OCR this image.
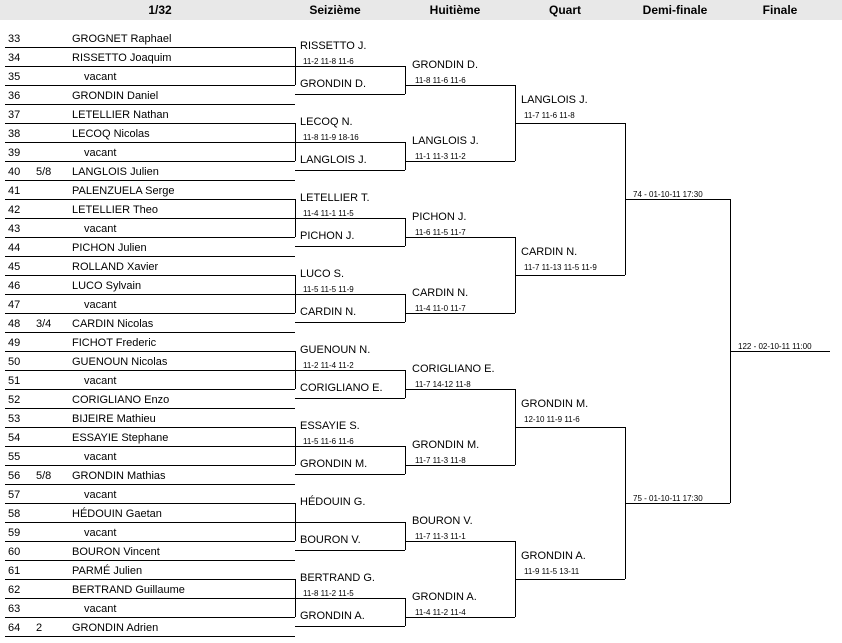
1/32	Seizième	Huitième	Quart	Demi-finale	Finale
33	GROGNET Raphael
34	RISSETTO Joaquim
35	vacant
36	GRONDIN Daniel
37	LETELLIER Nathan
38	LECOQ Nicolas
39	vacant
40 5/8 LANGLOIS Julien
41	PALENZUELA Serge
42	LETELLIER Theo
43	vacant
44	PICHON Julien
45	ROLLAND Xavier
46	LUCO Sylvain
47	vacant
48 3/4 CARDIN Nicolas
49	FICHOT Frederic
50	GUENOUN Nicolas
51	vacant
52	CORIGLIANO Enzo
53	BIJEIRE Mathieu
54	ESSAYIE Stephane
55	vacant
56 5/8 GRONDIN Mathias
57	vacant
58	HÉDOUIN Gaetan
59	vacant
60	BOURON Vincent
61	PARMÉ Julien
62	BERTRAND Guillaume
63	vacant
64 2	GRONDIN Adrien
RISSETTO J.
11-2 11-8 11-6
GRONDIN D.
LECOQ N.
11-8 11-9 18-16
LANGLOIS J.
LETELLIER T.
11-4 11-1 11-5
PICHON J.
LUCO S.
11-5 11-5 11-9
CARDIN N.
GUENOUN N.
11-2 11-4 11-2
CORIGLIANO E.
ESSAYIE S.
11-5 11-6 11-6
GRONDIN M.
HÉDOUIN G.
BOURON V.
BERTRAND G.
11-8 11-2 11-5
GRONDIN A.
GRONDIN D.
11-8 11-6 11-6
LANGLOIS J.
11-1 11-3 11-2
PICHON J.
11-6 11-5 11-7
CARDIN N.
11-4 11-0 11-7
CORIGLIANO E.
11-7 14-12 11-8
GRONDIN M.
11-7 11-3 11-8
BOURON V.
11-7 11-3 11-1
GRONDIN A.
11-4 11-2 11-4
LANGLOIS J.
11-7 11-6 11-8
CARDIN N.
11-7 11-13 11-5 11-9
GRONDIN M.
12-10 11-9 11-6
GRONDIN A.
11-9 11-5 13-11
74 - 01-10-11 17:30
75 - 01-10-11 17:30
122 - 02-10-11 11:00
